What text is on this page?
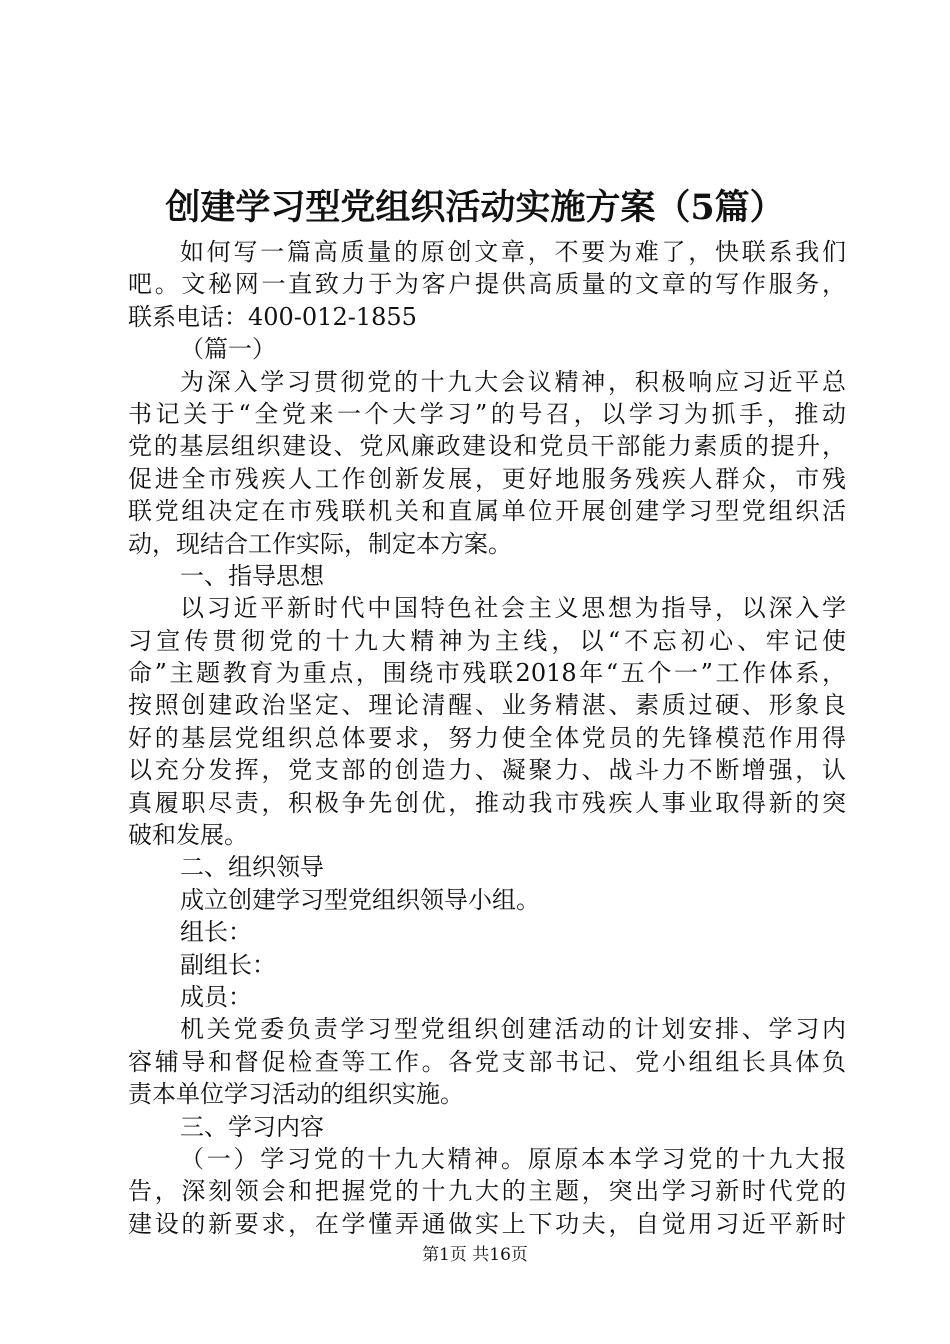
创建学习型党组织活动实施方案（5篇）
如何写一篇高质量的原创文章，不要为难了，快联系我们
吧。文秘网一直致力于为客户提供高质量的文章的写作服务，
联系电话：400-012-1855
（篇一）
为深入学习贯彻党的十九大会议精神，积极响应习近平总
书记关于“全党来一个大学习”的号召，以学习为抓手，推动
党的基层组织建设、党风廉政建设和党员干部能力素质的提升，
促进全市残疾人工作创新发展，更好地服务残疾人群众，市残
联党组决定在市残联机关和直属单位开展创建学习型党组织活
动，现结合工作实际，制定本方案。
一、指导思想
以习近平新时代中国特色社会主义思想为指导，以深入学
习宣传贯彻党的十九大精神为主线，以“不忘初心、牢记使
命”主题教育为重点，围绕市残联2018年“五个一”工作体系，
按照创建政治坚定、理论清醒、业务精湛、素质过硬、形象良
好的基层党组织总体要求，努力使全体党员的先锋模范作用得
以充分发挥，党支部的创造力、凝聚力、战斗力不断增强，认
真履职尽责，积极争先创优，推动我市残疾人事业取得新的突
破和发展。
二、组织领导
成立创建学习型党组织领导小组。
组长：
副组长：
成员：
机关党委负责学习型党组织创建活动的计划安排、学习内
容辅导和督促检查等工作。各党支部书记、党小组组长具体负
责本单位学习活动的组织实施。
三、学习内容
（一）学习党的十九大精神。原原本本学习党的十九大报
告，深刻领会和把握党的十九大的主题，突出学习新时代党的
建设的新要求，在学懂弄通做实上下功夫，自觉用习近平新时
第1页 共16页
